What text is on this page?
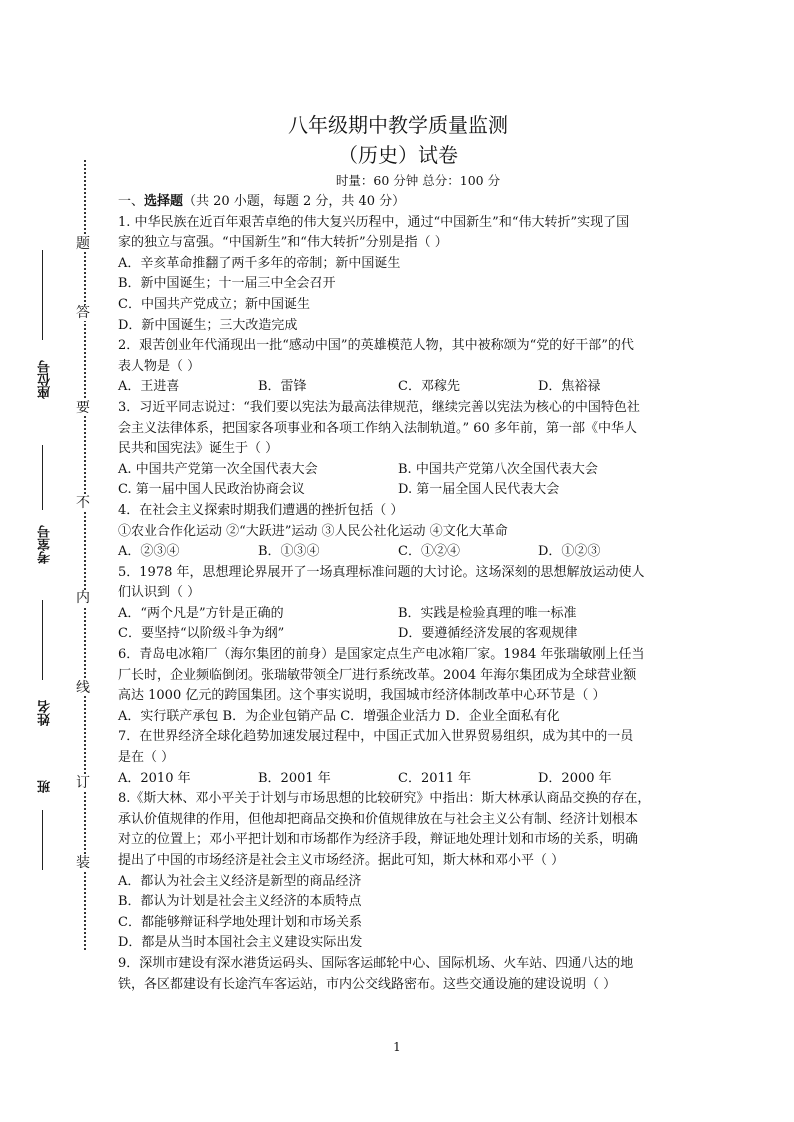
座位号
考室号
姓名
班
题
答
要
不
内
线
订
装
八年级期中教学质量监测
（历史）试卷
时量：60 分钟 总分：100 分

一、选择题（共 20 小题，每题 2 分，共 40 分）

1. 中华民族在近百年艰苦卓绝的伟大复兴历程中，通过“中国新生”和“伟大转折”实现了国

家的独立与富强。“中国新生”和“伟大转折”分别是指（ ）

A．辛亥革命推翻了两千多年的帝制；新中国诞生

B．新中国诞生；十一届三中全会召开

C．中国共产党成立；新中国诞生

D．新中国诞生；三大改造完成

2．艰苦创业年代涌现出一批“感动中国”的英雄模范人物，其中被称颂为“党的好干部”的代

表人物是（ ）

A．王进喜	B．雷锋	C．邓稼先	D．焦裕禄

3．习近平同志说过：“我们要以宪法为最高法律规范，继续完善以宪法为核心的中国特色社

会主义法律体系，把国家各项事业和各项工作纳入法制轨道。” 60 多年前，第一部《中华人

民共和国宪法》诞生于（ ）

A. 中国共产党第一次全国代表大会	B. 中国共产党第八次全国代表大会
C. 第一届中国人民政治协商会议	D. 第一届全国人民代表大会

4．在社会主义探索时期我们遭遇的挫折包括（ ）

①农业合作化运动 ②“大跃进”运动 ③人民公社化运动 ④文化大革命

A．②③④	B．①③④	C．①②④	D．①②③

5．1978 年，思想理论界展开了一场真理标准问题的大讨论。这场深刻的思想解放运动使人

们认识到（ ）

A．“两个凡是”方针是正确的	B．实践是检验真理的唯一标准
C．要坚持“以阶级斗争为纲”	D．要遵循经济发展的客观规律

6．青岛电冰箱厂（海尔集团的前身）是国家定点生产电冰箱厂家。1984 年张瑞敏刚上任当

厂长时，企业频临倒闭。张瑞敏带领全厂进行系统改革。2004 年海尔集团成为全球营业额

高达 1000 亿元的跨国集团。这个事实说明，我国城市经济体制改革中心环节是（ ）

A．实行联产承包 B．为企业包销产品 C．增强企业活力 D．企业全面私有化

7．在世界经济全球化趋势加速发展过程中，中国正式加入世界贸易组织，成为其中的一员

是在（ ）

A．2010 年	B．2001 年	C．2011 年	D．2000 年

8.《斯大林、邓小平关于计划与市场思想的比较研究》中指出：斯大林承认商品交换的存在，

承认价值规律的作用，但他却把商品交换和价值规律放在与社会主义公有制、经济计划根本

对立的位置上；邓小平把计划和市场都作为经济手段，辩证地处理计划和市场的关系，明确

提出了中国的市场经济是社会主义市场经济。据此可知，斯大林和邓小平（ ）

A．都认为社会主义经济是新型的商品经济

B．都认为计划是社会主义经济的本质特点

C．都能够辩证科学地处理计划和市场关系

D．都是从当时本国社会主义建设实际出发

9．深圳市建设有深水港货运码头、国际客运邮轮中心、国际机场、火车站、四通八达的地

铁，各区都建设有长途汽车客运站，市内公交线路密布。这些交通设施的建设说明（ ）

1
